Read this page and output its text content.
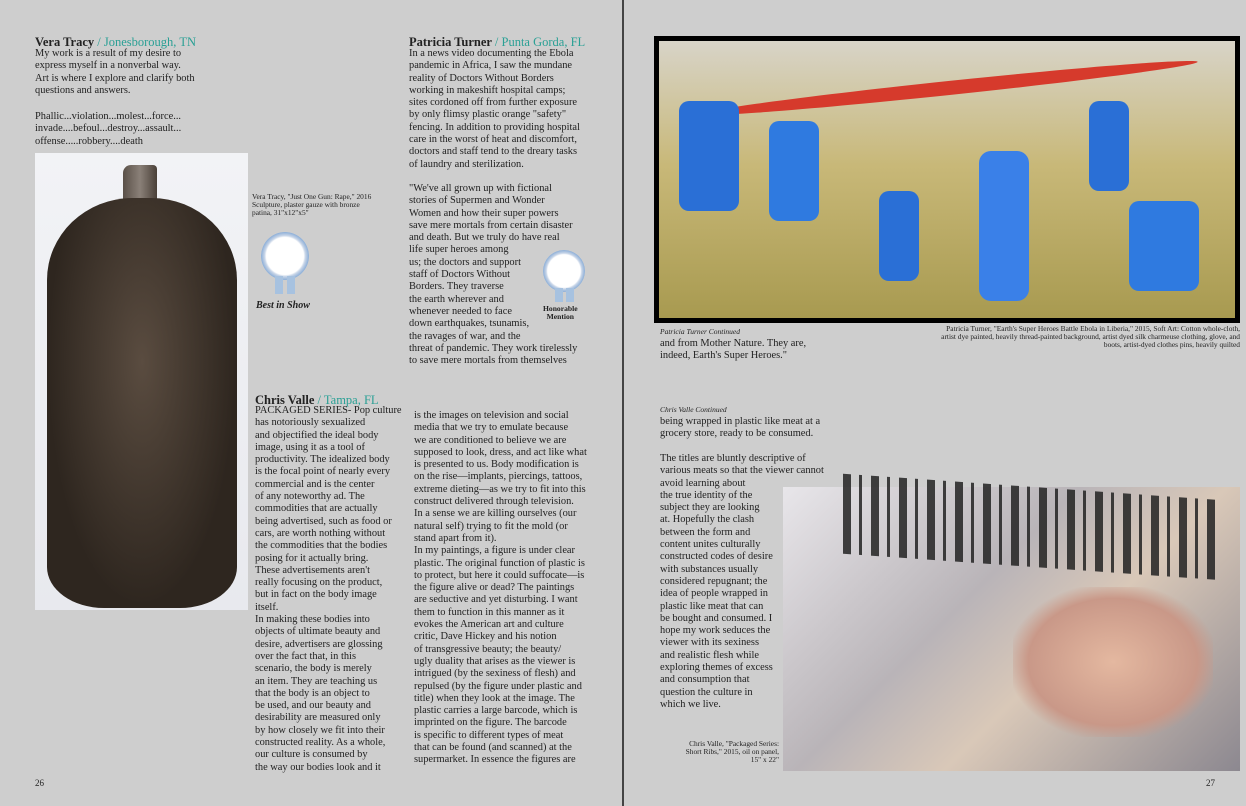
Vera Tracy / Jonesborough, TN
My work is a result of my desire to
express myself in a nonverbal way.
Art is where I explore and clarify both
questions and answers.
Phallic...violation...molest...force...
invade....befoul...destroy...assault...
offense.....robbery....death
Vera Tracy, "Just One Gun: Rape," 2016
Sculpture, plaster gauze with bronze
patina, 31"x12"x5"
Best in Show
Patricia Turner / Punta Gorda, FL
In a news video documenting the Ebola
pandemic in Africa, I saw the mundane
reality of Doctors Without Borders
working in makeshift hospital camps;
sites cordoned off from further exposure
by only flimsy plastic orange "safety"
fencing. In addition to providing hospital
care in the worst of heat and discomfort,
doctors and staff tend to the dreary tasks
of laundry and sterilization.
"We've all grown up with fictional
stories of Supermen and Wonder
Women and how their super powers
save mere mortals from certain disaster
and death. But we truly do have real
life super heroes among
us; the doctors and support
staff of Doctors Without
Borders. They traverse
the earth wherever and
whenever needed to face
down earthquakes, tsunamis,
the ravages of war, and the
threat of pandemic. They work tirelessly
to save mere mortals from themselves
Honorable
Mention
Chris Valle / Tampa, FL
PACKAGED SERIES- Pop culture
has notoriously sexualized
and objectified the ideal body
image, using it as a tool of
productivity. The idealized body
is the focal point of nearly every
commercial and is the center
of any noteworthy ad. The
commodities that are actually
being advertised, such as food or
cars, are worth nothing without
the commodities that the bodies
posing for it actually bring.
These advertisements aren't
really focusing on the product,
but in fact on the body image
itself.
In making these bodies into
objects of ultimate beauty and
desire, advertisers are glossing
over the fact that, in this
scenario, the body is merely
an item. They are teaching us
that the body is an object to
be used, and our beauty and
desirability are measured only
by how closely we fit into their
constructed reality. As a whole,
our culture is consumed by
the way our bodies look and it
is the images on television and social
media that we try to emulate because
we are conditioned to believe we are
supposed to look, dress, and act like what
is presented to us. Body modification is
on the rise—implants, piercings, tattoos,
extreme dieting—as we try to fit into this
construct delivered through television.
In a sense we are killing ourselves (our
natural self) trying to fit the mold (or
stand apart from it).
In my paintings, a figure is under clear
plastic. The original function of plastic is
to protect, but here it could suffocate—is
the figure alive or dead? The paintings
are seductive and yet disturbing. I want
them to function in this manner as it
evokes the American art and culture
critic, Dave Hickey and his notion
of transgressive beauty; the beauty/
ugly duality that arises as the viewer is
intrigued (by the sexiness of flesh) and
repulsed (by the figure under plastic and
title) when they look at the image. The
plastic carries a large barcode, which is
imprinted on the figure. The barcode
is specific to different types of meat
that can be found (and scanned) at the
supermarket. In essence the figures are
26
Patricia Turner Continued
and from Mother Nature. They are,
indeed, Earth's Super Heroes."
Patricia Turner, "Earth's Super Heroes Battle Ebola in Liberia," 2015, Soft Art: Cotton whole-cloth,
artist dye painted, heavily thread-painted background, artist dyed silk charmeuse clothing, glove, and
boots, artist-dyed clothes pins, heavily quilted
Chris Valle Continued
being wrapped in plastic like meat at a
grocery store, ready to be consumed.
The titles are bluntly descriptive of
various meats so that the viewer cannot
avoid learning about
the true identity of the
subject they are looking
at. Hopefully the clash
between the form and
content unites culturally
constructed codes of desire
with substances usually
considered repugnant; the
idea of people wrapped in
plastic like meat that can
be bought and consumed. I
hope my work seduces the
viewer with its sexiness
and realistic flesh while
exploring themes of excess
and consumption that
question the culture in
which we live.
Chris Valle, "Packaged Series:
Short Ribs," 2015, oil on panel,
15" x 22"
27
